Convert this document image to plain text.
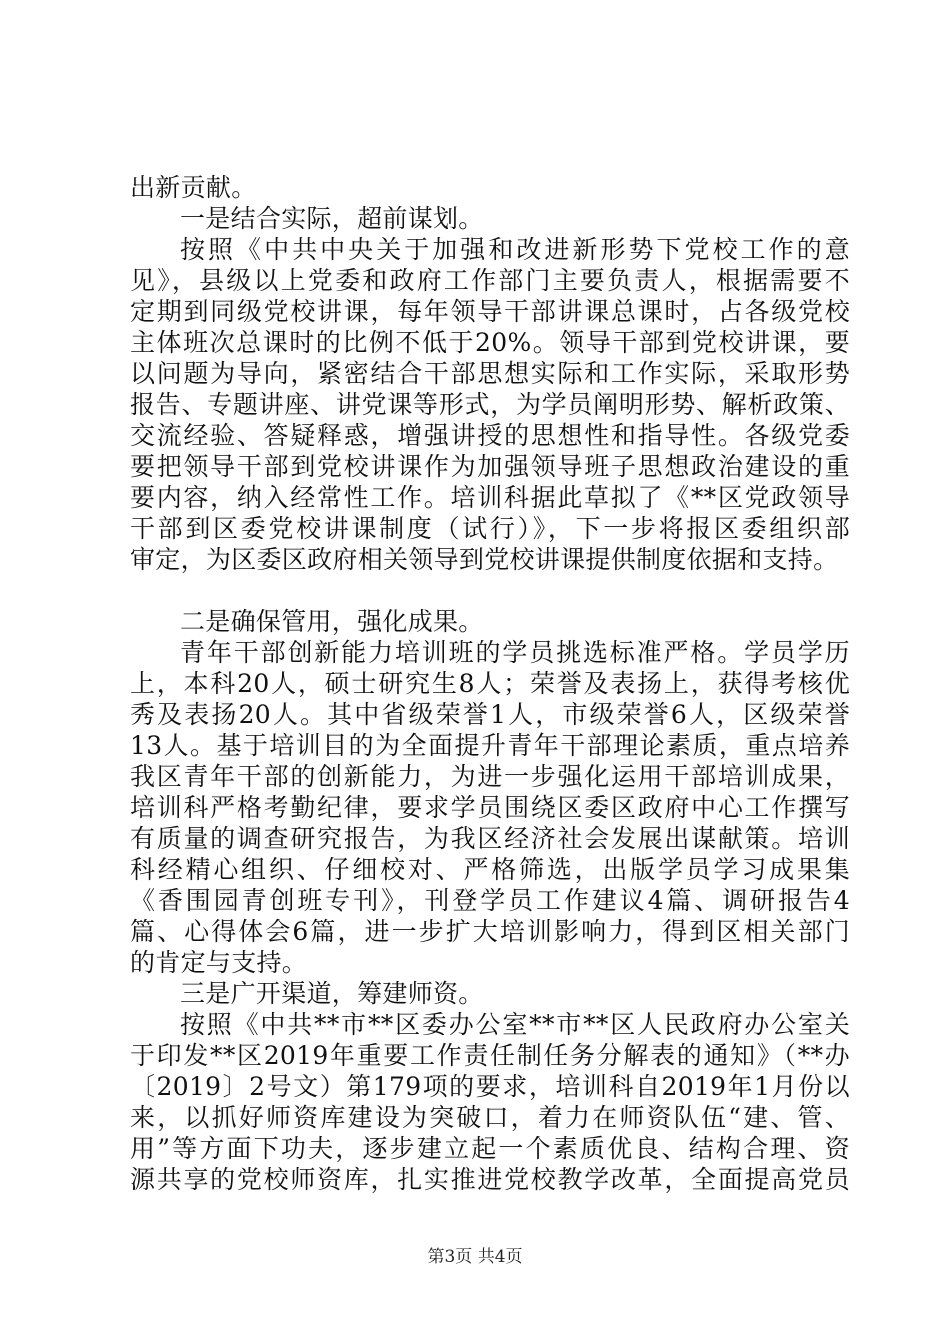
出新贡献。
一是结合实际，超前谋划。
按照《中共中央关于加强和改进新形势下党校工作的意
见》，县级以上党委和政府工作部门主要负责人，根据需要不
定期到同级党校讲课，每年领导干部讲课总课时，占各级党校
主体班次总课时的比例不低于20%。领导干部到党校讲课，要
以问题为导向，紧密结合干部思想实际和工作实际，采取形势
报告、专题讲座、讲党课等形式，为学员阐明形势、解析政策、
交流经验、答疑释惑，增强讲授的思想性和指导性。各级党委
要把领导干部到党校讲课作为加强领导班子思想政治建设的重
要内容，纳入经常性工作。培训科据此草拟了《**区党政领导
干部到区委党校讲课制度（试行）》，下一步将报区委组织部
审定，为区委区政府相关领导到党校讲课提供制度依据和支持。
二是确保管用，强化成果。
青年干部创新能力培训班的学员挑选标准严格。学员学历
上，本科20人，硕士研究生8人；荣誉及表扬上，获得考核优
秀及表扬20人。其中省级荣誉1人，市级荣誉6人，区级荣誉
13人。基于培训目的为全面提升青年干部理论素质，重点培养
我区青年干部的创新能力，为进一步强化运用干部培训成果，
培训科严格考勤纪律，要求学员围绕区委区政府中心工作撰写
有质量的调查研究报告，为我区经济社会发展出谋献策。培训
科经精心组织、仔细校对、严格筛选，出版学员学习成果集
《香围园青创班专刊》，刊登学员工作建议4篇、调研报告4
篇、心得体会6篇，进一步扩大培训影响力，得到区相关部门
的肯定与支持。
三是广开渠道，筹建师资。
按照《中共**市**区委办公室**市**区人民政府办公室关
于印发**区2019年重要工作责任制任务分解表的通知》（**办
〔2019〕2号文）第179项的要求，培训科自2019年1月份以
来，以抓好师资库建设为突破口，着力在师资队伍“建、管、
用”等方面下功夫，逐步建立起一个素质优良、结构合理、资
源共享的党校师资库，扎实推进党校教学改革，全面提高党员
第3页 共4页
